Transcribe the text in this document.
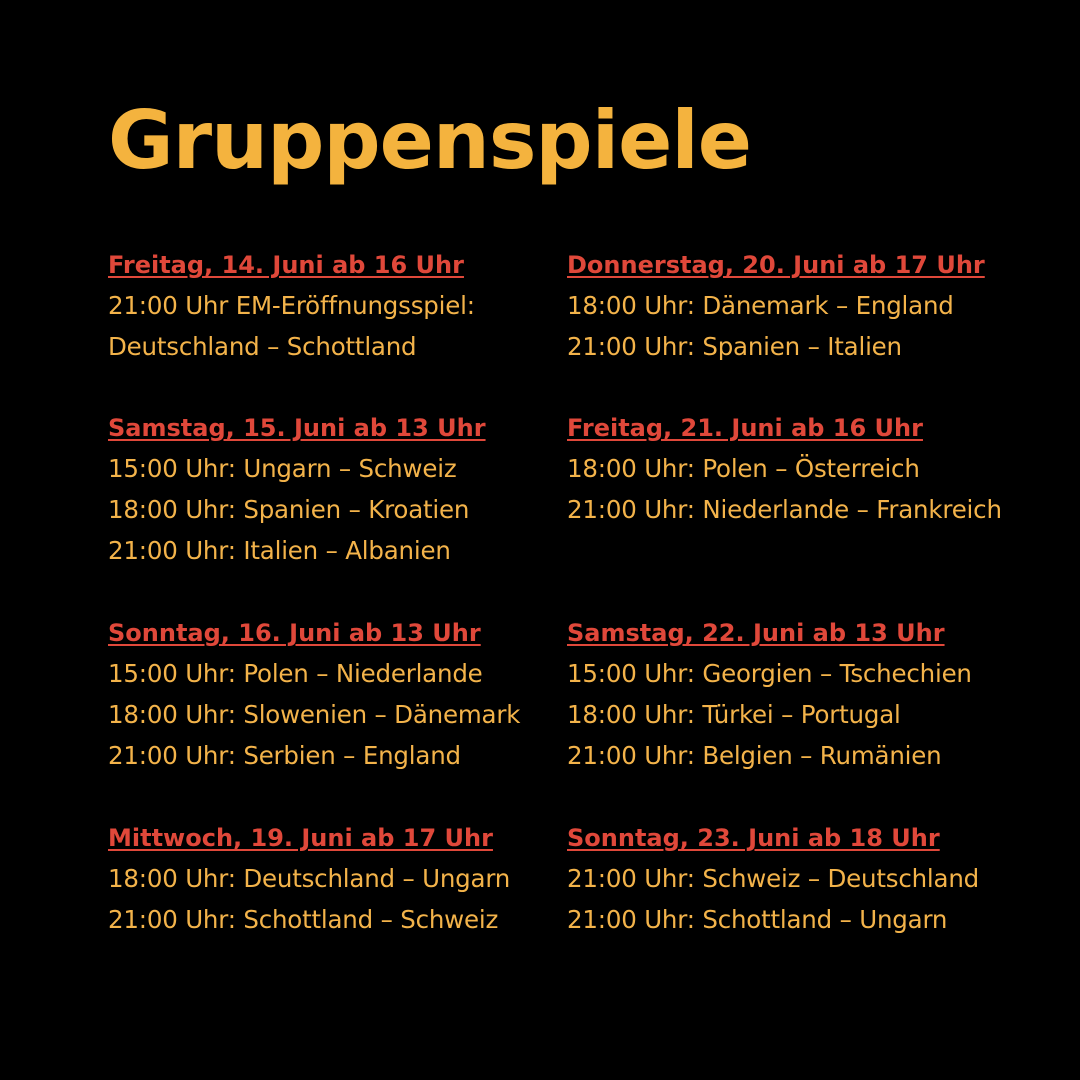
Gruppenspiele
Freitag, 14. Juni ab 16 Uhr
21:00 Uhr EM-Eröffnungsspiel:
Deutschland – Schottland
Samstag, 15. Juni ab 13 Uhr
15:00 Uhr: Ungarn – Schweiz
18:00 Uhr: Spanien – Kroatien
21:00 Uhr: Italien – Albanien
Sonntag, 16. Juni ab 13 Uhr
15:00 Uhr: Polen – Niederlande
18:00 Uhr: Slowenien – Dänemark
21:00 Uhr: Serbien – England
Mittwoch, 19. Juni ab 17 Uhr
18:00 Uhr: Deutschland – Ungarn
21:00 Uhr: Schottland – Schweiz
Donnerstag, 20. Juni ab 17 Uhr
18:00 Uhr: Dänemark – England
21:00 Uhr: Spanien – Italien
Freitag, 21. Juni ab 16 Uhr
18:00 Uhr: Polen – Österreich
21:00 Uhr: Niederlande – Frankreich
Samstag, 22. Juni ab 13 Uhr
15:00 Uhr: Georgien – Tschechien
18:00 Uhr: Türkei – Portugal
21:00 Uhr: Belgien – Rumänien
Sonntag, 23. Juni ab 18 Uhr
21:00 Uhr: Schweiz – Deutschland
21:00 Uhr: Schottland – Ungarn
